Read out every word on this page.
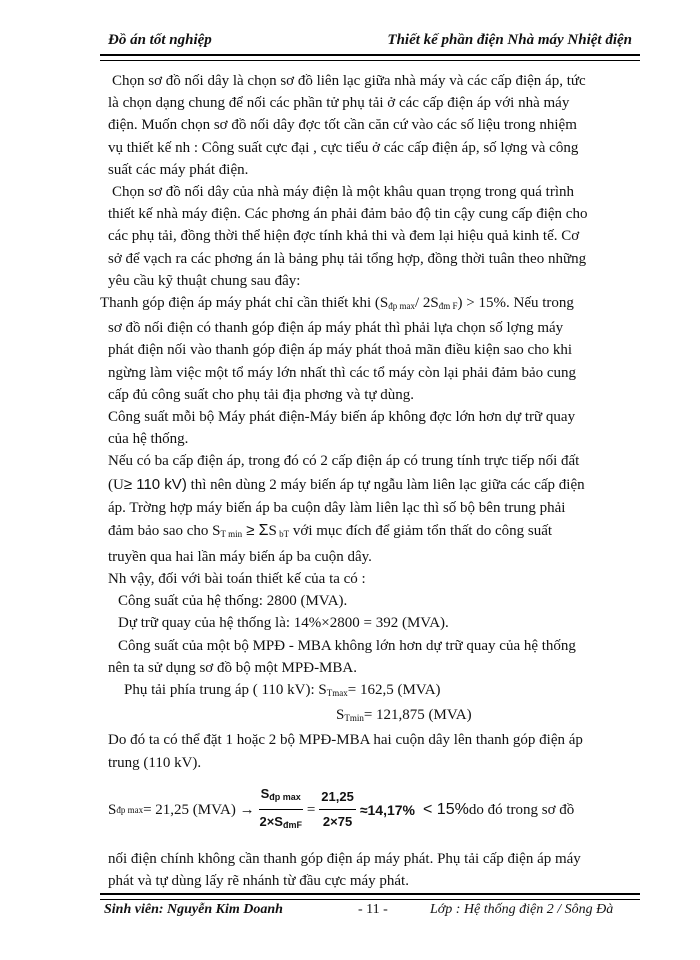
Đồ án tốt nghiệp	Thiết kế phần điện Nhà máy Nhiệt điện

Chọn sơ đồ nối dây là chọn sơ đồ liên lạc giữa nhà máy và các cấp điện áp, tức

là chọn dạng chung để nối các phần tử phụ tải ở các cấp điện áp với nhà máy

điện. Muốn chọn sơ đồ nối dây đợc tốt cần căn cứ vào các số liệu trong nhiệm

vụ thiết kế nh : Công suất cực đại , cực tiểu ở các cấp điện áp, số lợng và công

suất các máy phát điện.

Chọn sơ đồ nối dây của nhà máy điện là một khâu quan trọng trong quá trình

thiết kế nhà máy điện. Các phơng án phải đảm bảo độ tin cậy cung cấp điện cho

các phụ tải, đồng thời thể hiện đợc tính khả thi và đem lại hiệu quả kinh tế. Cơ

sở để vạch ra các phơng án là bảng phụ tải tổng hợp, đồng thời tuân theo những

yêu cầu kỹ thuật chung sau đây:

Thanh góp điện áp máy phát chỉ cần thiết khi ($S_{đp max}/$ $2S_{đm F}) > 15\%$. Nếu trong

sơ đồ nối điện có thanh góp điện áp máy phát thì phải lựa chọn số lợng máy

phát điện nối vào thanh góp điện áp máy phát thoả mãn điều kiện sao cho khi

ngừng làm việc một tổ máy lớn nhất thì các tổ máy còn lại phải đảm bảo cung

cấp đủ công suất cho phụ tải địa phơng và tự dùng.

Công suất mỗi bộ Máy phát điện-Máy biến áp không đợc lớn hơn dự trữ quay

của hệ thống.

Nếu có ba cấp điện áp, trong đó có 2 cấp điện áp có trung tính trực tiếp nối đất

(U≥ 110 kV) thì nên dùng 2 máy biến áp tự ngẫu làm liên lạc giữa các cấp điện

áp. Trờng hợp máy biến áp ba cuộn dây làm liên lạc thì số bộ bên trung phải

đảm bảo sao cho $S_{T min} \ge \Sigma S$ $_{bT}$ với mục đích để giảm tổn thất do công suất

truyền qua hai lần máy biến áp ba cuộn dây.

Nh vậy, đối với bài toán thiết kế của ta có :

Công suất của hệ thống: 2800 (MVA).

Dự trữ quay của hệ thống là: 14%×2800 = 392 (MVA).

Công suất của một bộ MPĐ - MBA không lớn hơn dự trữ quay của hệ thống

nên ta sử dụng sơ đồ bộ một MPĐ-MBA.

Phụ tải phía trung áp ( 110 kV): $S_{Tmax}= 162,5$ (MVA)

$S_{Tmin}= 121,875$ (MVA)

Do đó ta có thể đặt 1 hoặc 2 bộ MPĐ-MBA hai cuộn dây lên thanh góp điện áp

trung (110 kV).

S đp max = 21,25 $(MVA) \to \frac{S_{đp max}}{2\times S_{đmF}} = \frac{21,25}{2\times 75} \approx 14,17\% < 15\%$ do đó trong sơ đồ

nối điện chính không cần thanh góp điện áp máy phát. Phụ tải cấp điện áp máy

phát và tự dùng lấy rẽ nhánh từ đầu cực máy phát.

Sinh viên: Nguyễn Kim Doanh	- 11 -	Lớp : Hệ thống điện 2 / Sông Đà
